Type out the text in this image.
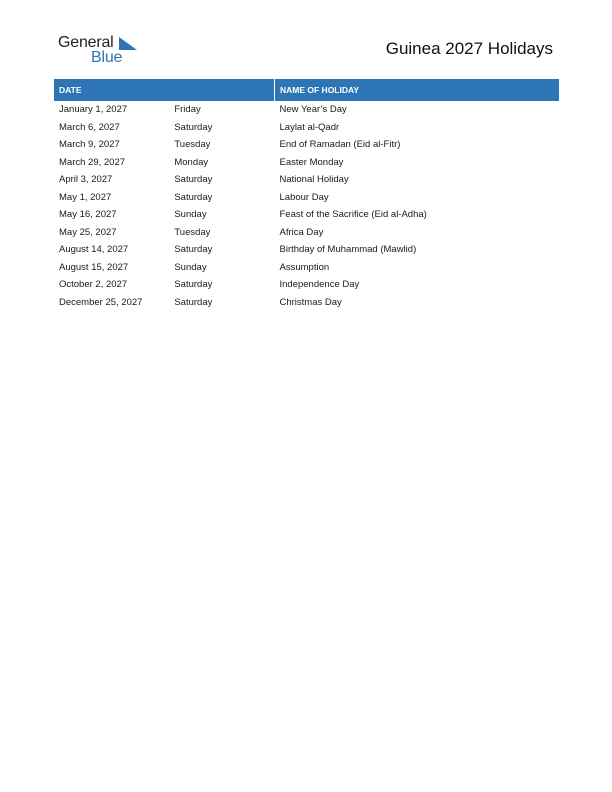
General
Blue	Guinea 2027 Holidays
DATE		NAME OF HOLIDAY
January 1, 2027	Friday	New Year’s Day
March 6, 2027	Saturday	Laylat al-Qadr
March 9, 2027	Tuesday	End of Ramadan (Eid al-Fitr)
March 29, 2027	Monday	Easter Monday
April 3, 2027	Saturday	National Holiday
May 1, 2027	Saturday	Labour Day
May 16, 2027	Sunday	Feast of the Sacrifice (Eid al-Adha)
May 25, 2027	Tuesday	Africa Day
August 14, 2027	Saturday	Birthday of Muhammad (Mawlid)
August 15, 2027	Sunday	Assumption
October 2, 2027	Saturday	Independence Day
December 25, 2027	Saturday	Christmas Day
